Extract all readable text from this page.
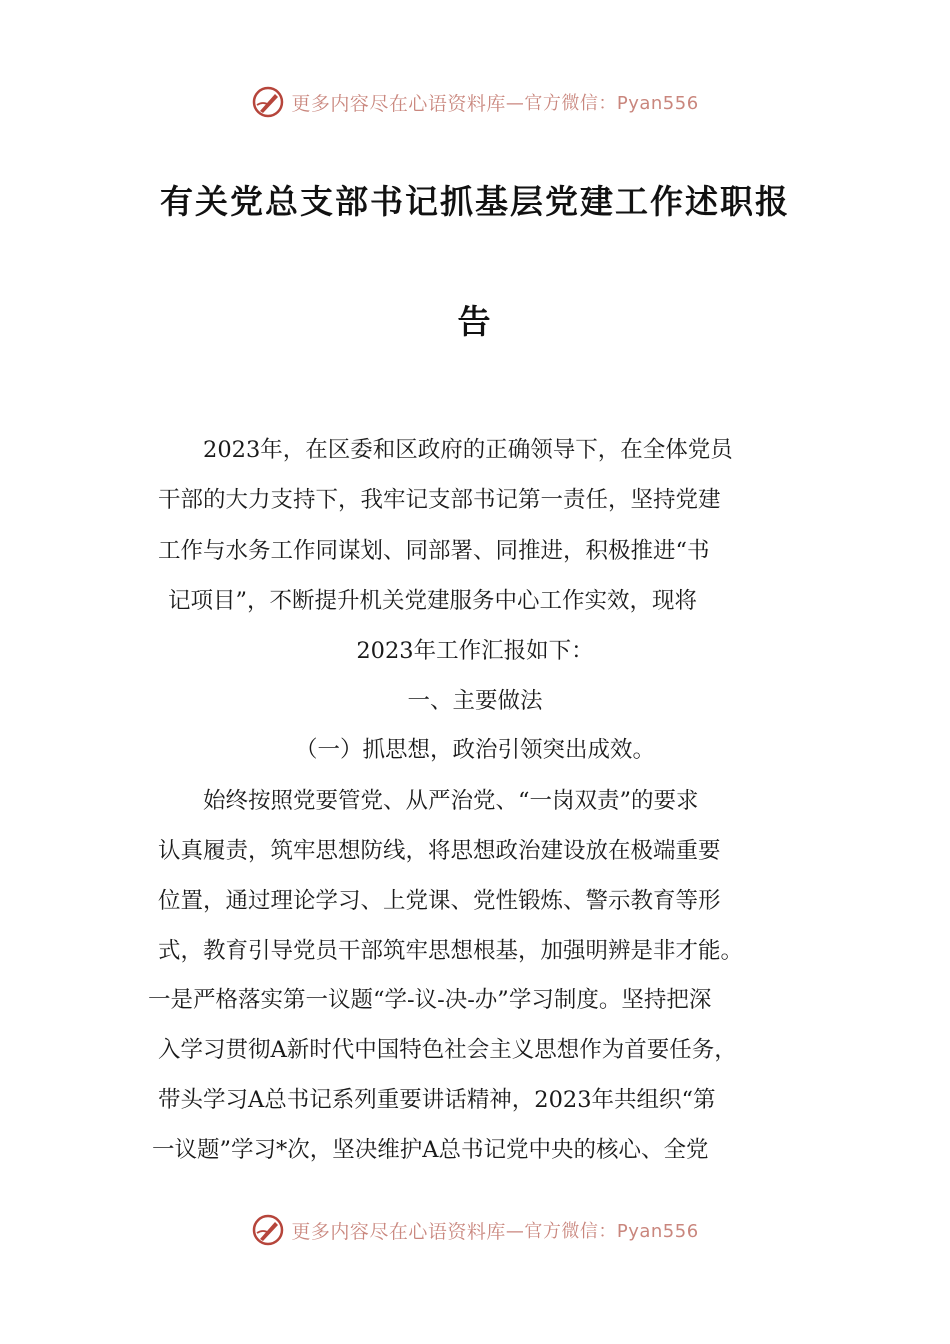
更多内容尽在心语资料库 —官方微信：Pyan556
有关党总支部书记抓基层党建工作述职报
告
2023年，在区委和区政府的正确领导下，在全体党员
干部的大力支持下，我牢记支部书记第一责任，坚持党建
工作与水务工作同谋划、同部署、同推进，积极推进“书
记项目”，不断提升机关党建服务中心工作实效，现将
2023年工作汇报如下：
一、主要做法
（一）抓思想，政治引领突出成效。
始终按照党要管党、从严治党、“一岗双责”的要求
认真履责，筑牢思想防线，将思想政治建设放在极端重要
位置，通过理论学习、上党课、党性锻炼、警示教育等形
式，教育引导党员干部筑牢思想根基，加强明辨是非才能。
一是严格落实第一议题“学-议-决-办”学习制度。坚持把深
入学习贯彻A新时代中国特色社会主义思想作为首要任务，
带头学习A总书记系列重要讲话精神，2023年共组织“第
一议题”学习*次，坚决维护A总书记党中央的核心、全党
更多内容尽在心语资料库 —官方微信：Pyan556
